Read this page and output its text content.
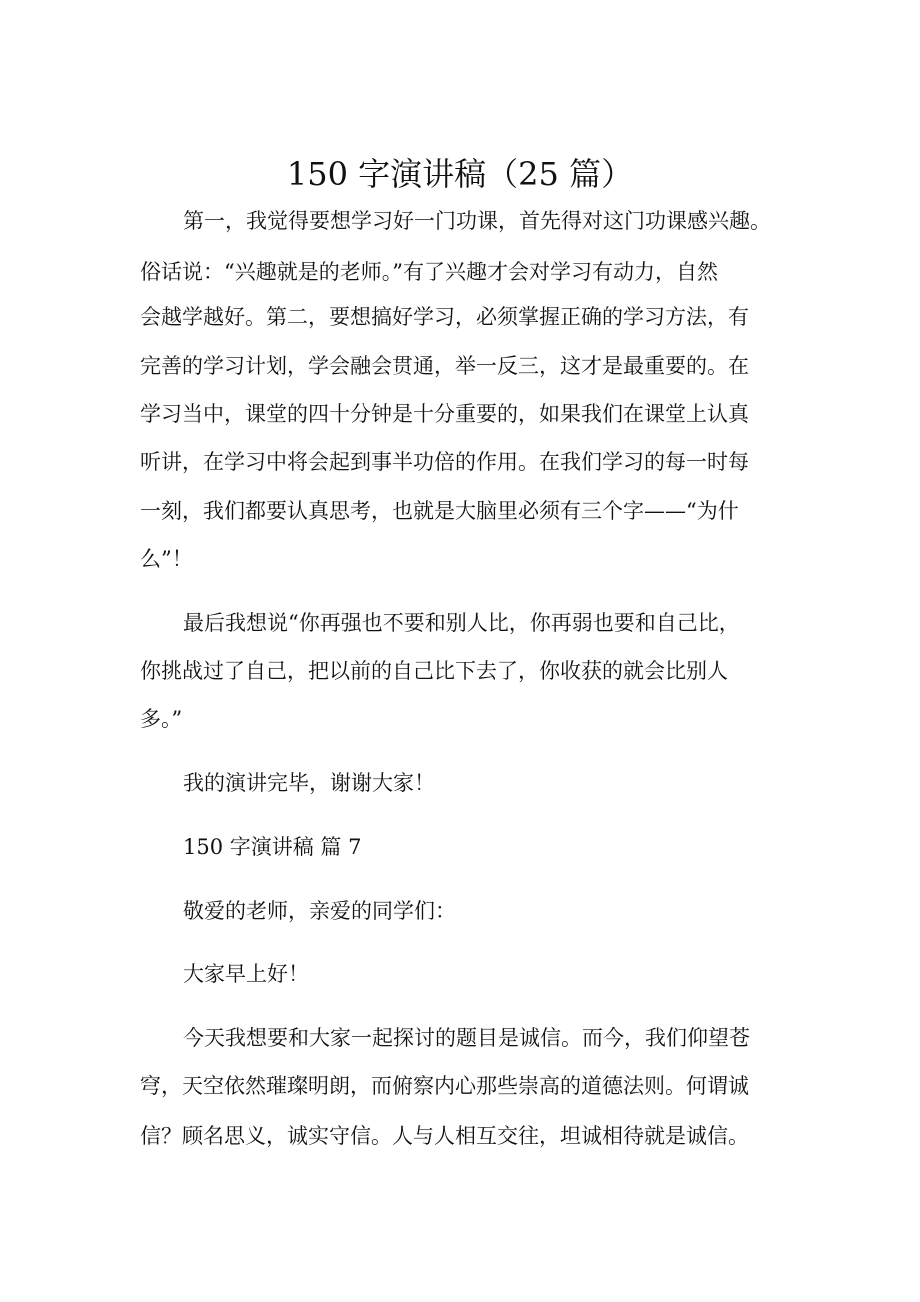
150 字演讲稿（25 篇）

第一，我觉得要想学习好一门功课，首先得对这门功课感兴趣。

俗话说：“兴趣就是的老师。”有了兴趣才会对学习有动力，自然

会越学越好。第二，要想搞好学习，必须掌握正确的学习方法，有

完善的学习计划，学会融会贯通，举一反三，这才是最重要的。在

学习当中，课堂的四十分钟是十分重要的，如果我们在课堂上认真

听讲，在学习中将会起到事半功倍的作用。在我们学习的每一时每

一刻，我们都要认真思考，也就是大脑里必须有三个字——“为什

么”！

最后我想说“你再强也不要和别人比，你再弱也要和自己比，

你挑战过了自己，把以前的自己比下去了，你收获的就会比别人

多。”

我的演讲完毕，谢谢大家！

150 字演讲稿 篇 7

敬爱的老师，亲爱的同学们：

大家早上好！

今天我想要和大家一起探讨的题目是诚信。而今，我们仰望苍

穹，天空依然璀璨明朗，而俯察内心那些崇高的道德法则。何谓诚

信？顾名思义，诚实守信。人与人相互交往，坦诚相待就是诚信。
